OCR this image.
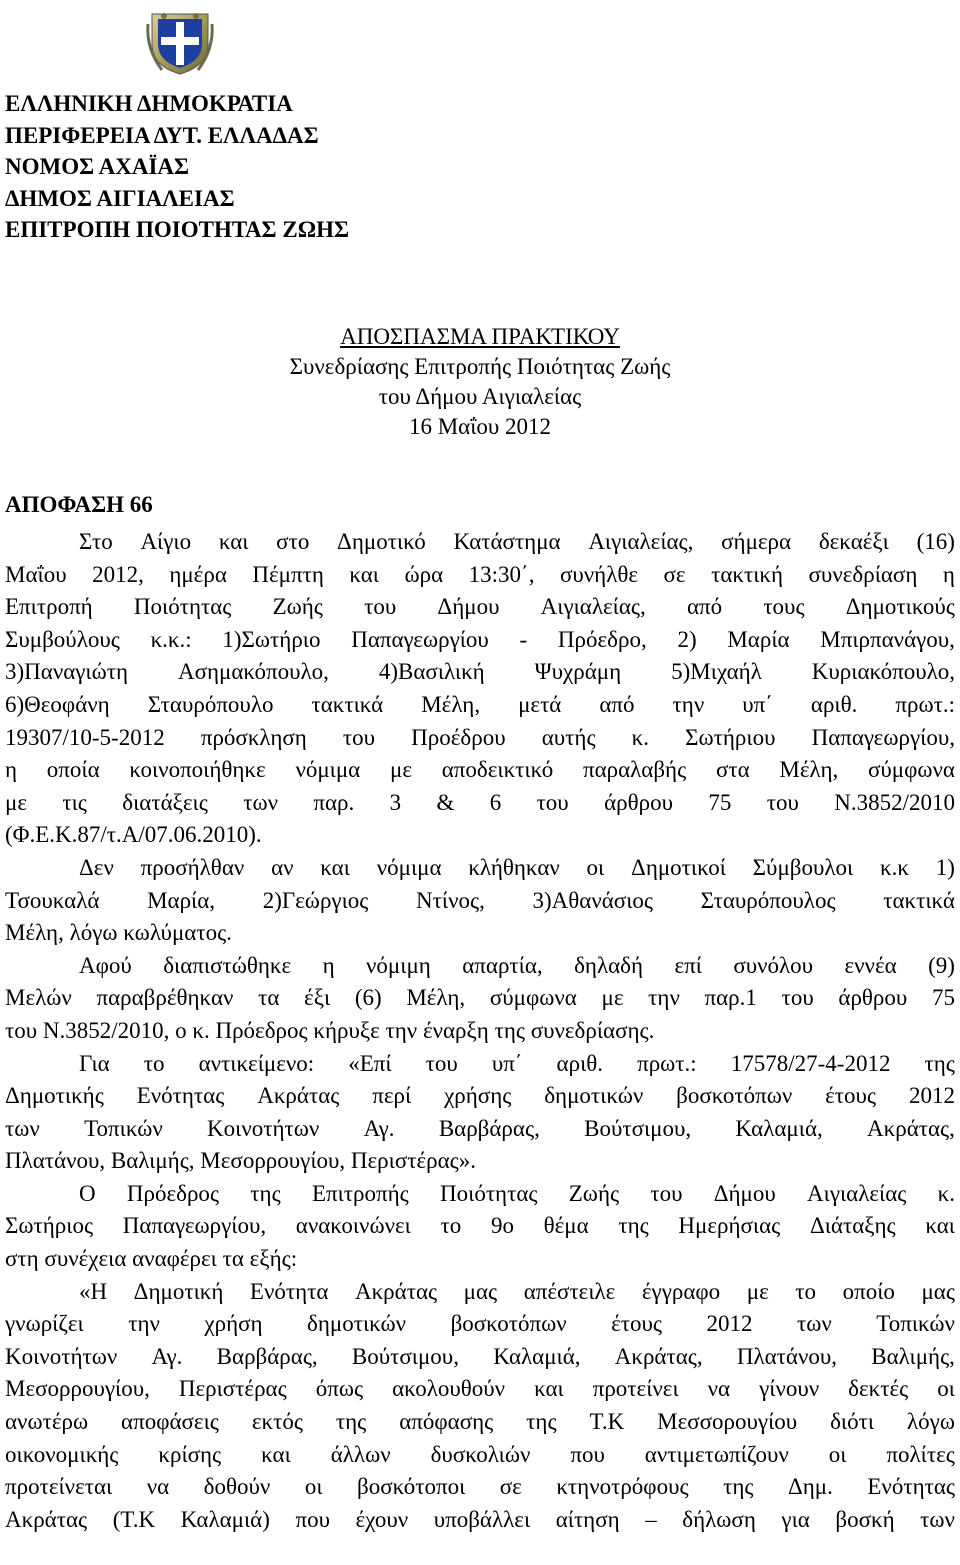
ΕΛΛΗΝΙΚΗ ΔΗΜΟΚΡΑΤΙΑ
ΠΕΡΙΦΕΡΕΙΑ ΔΥΤ. ΕΛΛΑΔΑΣ
ΝΟΜΟΣ ΑΧΑΪΑΣ
ΔΗΜΟΣ ΑΙΓΙΑΛΕΙΑΣ
ΕΠΙΤΡΟΠΗ ΠΟΙΟΤΗΤΑΣ ΖΩΗΣ
ΑΠΟΣΠΑΣΜΑ ΠΡΑΚΤΙΚΟΥ
Συνεδρίασης Επιτροπής Ποιότητας Ζωής
του Δήμου Αιγιαλείας
16 Μαΐου 2012
ΑΠΟΦΑΣΗ 66
Στο Αίγιο και στο Δημοτικό Κατάστημα Αιγιαλείας, σήμερα δεκαέξι (16)
Μαΐου 2012, ημέρα Πέμπτη και ώρα 13:30΄, συνήλθε σε τακτική συνεδρίαση η
Επιτροπή Ποιότητας Ζωής του Δήμου Αιγιαλείας, από τους Δημοτικούς
Συμβούλους κ.κ.: 1)Σωτήριο Παπαγεωργίου - Πρόεδρο, 2) Μαρία Μπιρπανάγου,
3)Παναγιώτη Ασημακόπουλο, 4)Βασιλική Ψυχράμη 5)Μιχαήλ Κυριακόπουλο,
6)Θεοφάνη Σταυρόπουλο τακτικά Μέλη, μετά από την υπ΄ αριθ. πρωτ.:
19307/10-5-2012 πρόσκληση του Προέδρου αυτής κ. Σωτήριου Παπαγεωργίου,
η οποία κοινοποιήθηκε νόμιμα με αποδεικτικό παραλαβής στα Μέλη, σύμφωνα
με τις διατάξεις των παρ. 3 & 6 του άρθρου 75 του Ν.3852/2010
(Φ.Ε.Κ.87/τ.Α/07.06.2010).
Δεν προσήλθαν αν και νόμιμα κλήθηκαν οι Δημοτικοί Σύμβουλοι κ.κ 1)
Τσουκαλά Μαρία, 2)Γεώργιος Ντίνος, 3)Αθανάσιος Σταυρόπουλος τακτικά
Μέλη, λόγω κωλύματος.
Αφού διαπιστώθηκε η νόμιμη απαρτία, δηλαδή επί συνόλου εννέα (9)
Μελών παραβρέθηκαν τα έξι (6) Μέλη, σύμφωνα με την παρ.1 του άρθρου 75
του Ν.3852/2010, ο κ. Πρόεδρος κήρυξε την έναρξη της συνεδρίασης.
Για το αντικείμενο: «Επί του υπ΄ αριθ. πρωτ.: 17578/27-4-2012 της
Δημοτικής Ενότητας Ακράτας περί χρήσης δημοτικών βοσκοτόπων έτους 2012
των Τοπικών Κοινοτήτων Αγ. Βαρβάρας, Βούτσιμου, Καλαμιά, Ακράτας,
Πλατάνου, Βαλιμής, Μεσορρουγίου, Περιστέρας».
Ο Πρόεδρος της Επιτροπής Ποιότητας Ζωής του Δήμου Αιγιαλείας κ.
Σωτήριος Παπαγεωργίου, ανακοινώνει το 9ο θέμα της Ημερήσιας Διάταξης και
στη συνέχεια αναφέρει τα εξής:
«Η Δημοτική Ενότητα Ακράτας μας απέστειλε έγγραφο με το οποίο μας
γνωρίζει την χρήση δημοτικών βοσκοτόπων έτους 2012 των Τοπικών
Κοινοτήτων Αγ. Βαρβάρας, Βούτσιμου, Καλαμιά, Ακράτας, Πλατάνου, Βαλιμής,
Μεσορρουγίου, Περιστέρας όπως ακολουθούν και προτείνει να γίνουν δεκτές οι
ανωτέρω αποφάσεις εκτός της απόφασης της Τ.Κ Μεσσορουγίου διότι λόγω
οικονομικής κρίσης και άλλων δυσκολιών που αντιμετωπίζουν οι πολίτες
προτείνεται να δοθούν οι βοσκότοποι σε κτηνοτρόφους της Δημ. Ενότητας
Ακράτας (Τ.Κ Καλαμιά) που έχουν υποβάλλει αίτηση – δήλωση για βοσκή των
